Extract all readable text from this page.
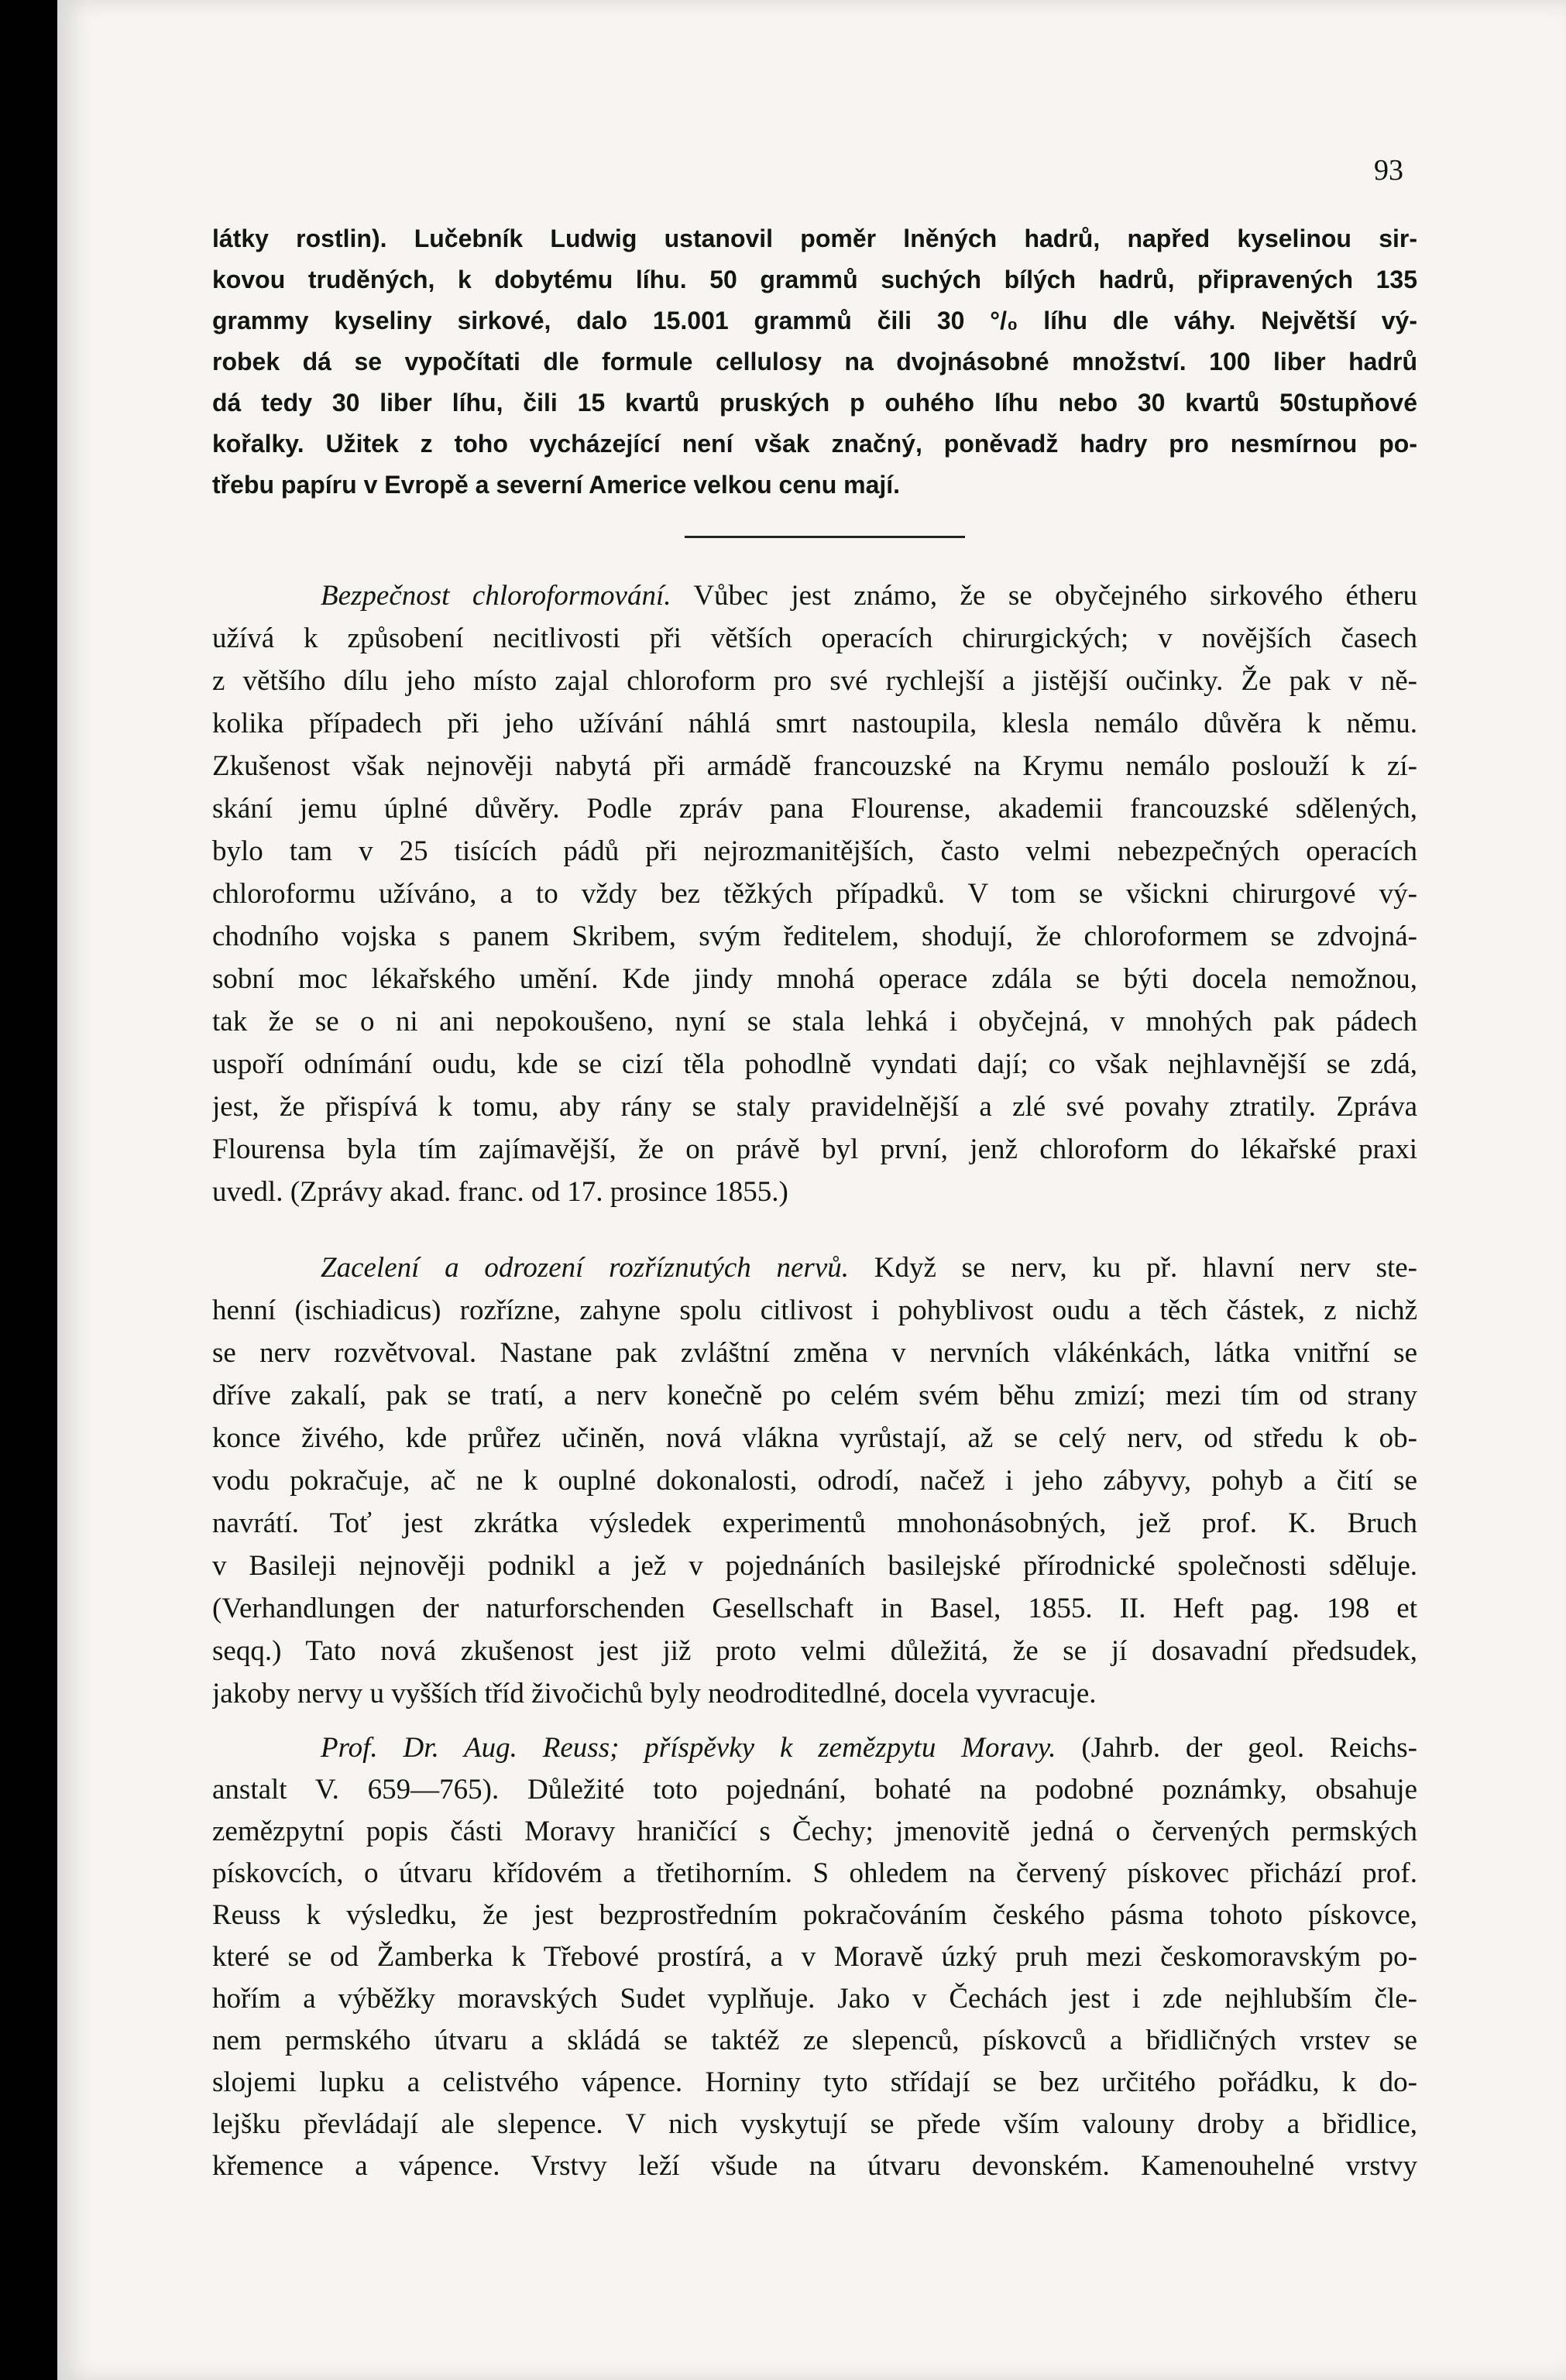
93
látky rostlin). Lučebník Ludwig ustanovil poměr lněných hadrů, napřed kyselinou sir-
kovou truděných, k dobytému líhu. 50 grammů suchých bílých hadrů, připravených 135
grammy kyseliny sirkové, dalo 15.001 grammů čili 30 °/₀ líhu dle váhy. Největší vý-
robek dá se vypočítati dle formule cellulosy na dvojnásobné množství. 100 liber hadrů
dá tedy 30 liber líhu, čili 15 kvartů pruských p ouhého líhu nebo 30 kvartů 50stupňové
kořalky. Užitek z toho vycházející není však značný, poněvadž hadry pro nesmírnou po-
třebu papíru v Evropě a severní Americe velkou cenu mají.
Bezpečnost chloroformování. Vůbec jest známo, že se obyčejného sirkového étheru
užívá k způsobení necitlivosti při větších operacích chirurgických; v novějších časech
z většího dílu jeho místo zajal chloroform pro své rychlejší a jistější oučinky. Že pak v ně-
kolika případech při jeho užívání náhlá smrt nastoupila, klesla nemálo důvěra k němu.
Zkušenost však nejnověji nabytá při armádě francouzské na Krymu nemálo poslouží k zí-
skání jemu úplné důvěry. Podle zpráv pana Flourense, akademii francouzské sdělených,
bylo tam v 25 tisících pádů při nejrozmanitějších, často velmi nebezpečných operacích
chloroformu užíváno, a to vždy bez těžkých případků. V tom se všickni chirurgové vý-
chodního vojska s panem Skribem, svým ředitelem, shodují, že chloroformem se zdvojná-
sobní moc lékařského umění. Kde jindy mnohá operace zdála se býti docela nemožnou,
tak že se o ni ani nepokoušeno, nyní se stala lehká i obyčejná, v mnohých pak pádech
uspoří odnímání oudu, kde se cizí těla pohodlně vyndati dají; co však nejhlavnější se zdá,
jest, že přispívá k tomu, aby rány se staly pravidelnější a zlé své povahy ztratily. Zpráva
Flourensa byla tím zajímavější, že on právě byl první, jenž chloroform do lékařské praxi
uvedl. (Zprávy akad. franc. od 17. prosince 1855.)
Zacelení a odrození rozříznutých nervů. Když se nerv, ku př. hlavní nerv ste-
henní (ischiadicus) rozřízne, zahyne spolu citlivost i pohyblivost oudu a těch částek, z nichž
se nerv rozvětvoval. Nastane pak zvláštní změna v nervních vlákénkách, látka vnitřní se
dříve zakalí, pak se tratí, a nerv konečně po celém svém běhu zmizí; mezi tím od strany
konce živého, kde průřez učiněn, nová vlákna vyrůstají, až se celý nerv, od středu k ob-
vodu pokračuje, ač ne k ouplné dokonalosti, odrodí, načež i jeho zábyvy, pohyb a čití se
navrátí. Toť jest zkrátka výsledek experimentů mnohonásobných, jež prof. K. Bruch
v Basileji nejnověji podnikl a jež v pojednáních basilejské přírodnické společnosti sděluje.
(Verhandlungen der naturforschenden Gesellschaft in Basel, 1855. II. Heft pag. 198 et
seqq.) Tato nová zkušenost jest již proto velmi důležitá, že se jí dosavadní předsudek,
jakoby nervy u vyšších tříd živočichů byly neodroditedlné, docela vyvracuje.
Prof. Dr. Aug. Reuss; příspěvky k zemězpytu Moravy. (Jahrb. der geol. Reichs-
anstalt V. 659—765). Důležité toto pojednání, bohaté na podobné poznámky, obsahuje
zemězpytní popis části Moravy hraničící s Čechy; jmenovitě jedná o červených permských
pískovcích, o útvaru křídovém a třetihorním. S ohledem na červený pískovec přichází prof.
Reuss k výsledku, že jest bezprostředním pokračováním českého pásma tohoto pískovce,
které se od Žamberka k Třebové prostírá, a v Moravě úzký pruh mezi českomoravským po-
hořím a výběžky moravských Sudet vyplňuje. Jako v Čechách jest i zde nejhlubším čle-
nem permského útvaru a skládá se taktéž ze slepenců, pískovců a břidličných vrstev se
slojemi lupku a celistvého vápence. Horniny tyto střídají se bez určitého pořádku, k do-
lejšku převládají ale slepence. V nich vyskytují se přede vším valouny droby a břidlice,
křemence a vápence. Vrstvy leží všude na útvaru devonském. Kamenouhelné vrstvy
